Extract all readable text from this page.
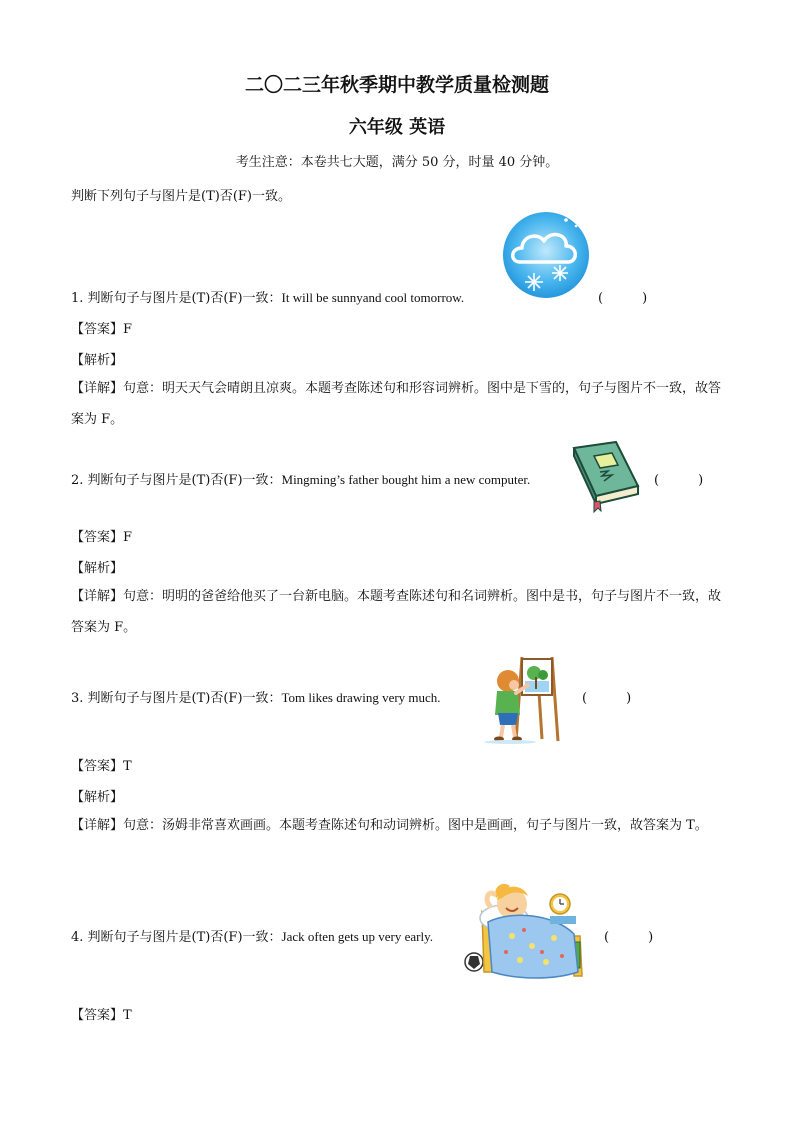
二〇二三年秋季期中教学质量检测题
六年级 英语
考生注意：本卷共七大题，满分 50 分，时量 40 分钟。
判断下列句子与图片是(T)否(F)一致。
1. 判断句子与图片是(T)否(F)一致：It will be sunnyand cool tomorrow.	(　　　)
【答案】F
【解析】
【详解】句意：明天天气会晴朗且凉爽。本题考查陈述句和形容词辨析。图中是下雪的，句子与图片不一致，故答案为 F。
2. 判断句子与图片是(T)否(F)一致：Mingming’s father bought him a new computer.	(　　　)
【答案】F
【解析】
【详解】句意：明明的爸爸给他买了一台新电脑。本题考查陈述句和名词辨析。图中是书，句子与图片不一致，故答案为 F。
3. 判断句子与图片是(T)否(F)一致：Tom likes drawing very much.	(　　　)
【答案】T
【解析】
【详解】句意：汤姆非常喜欢画画。本题考查陈述句和动词辨析。图中是画画，句子与图片一致，故答案为 T。
4. 判断句子与图片是(T)否(F)一致：Jack often gets up very early.	(　　　)
【答案】T
